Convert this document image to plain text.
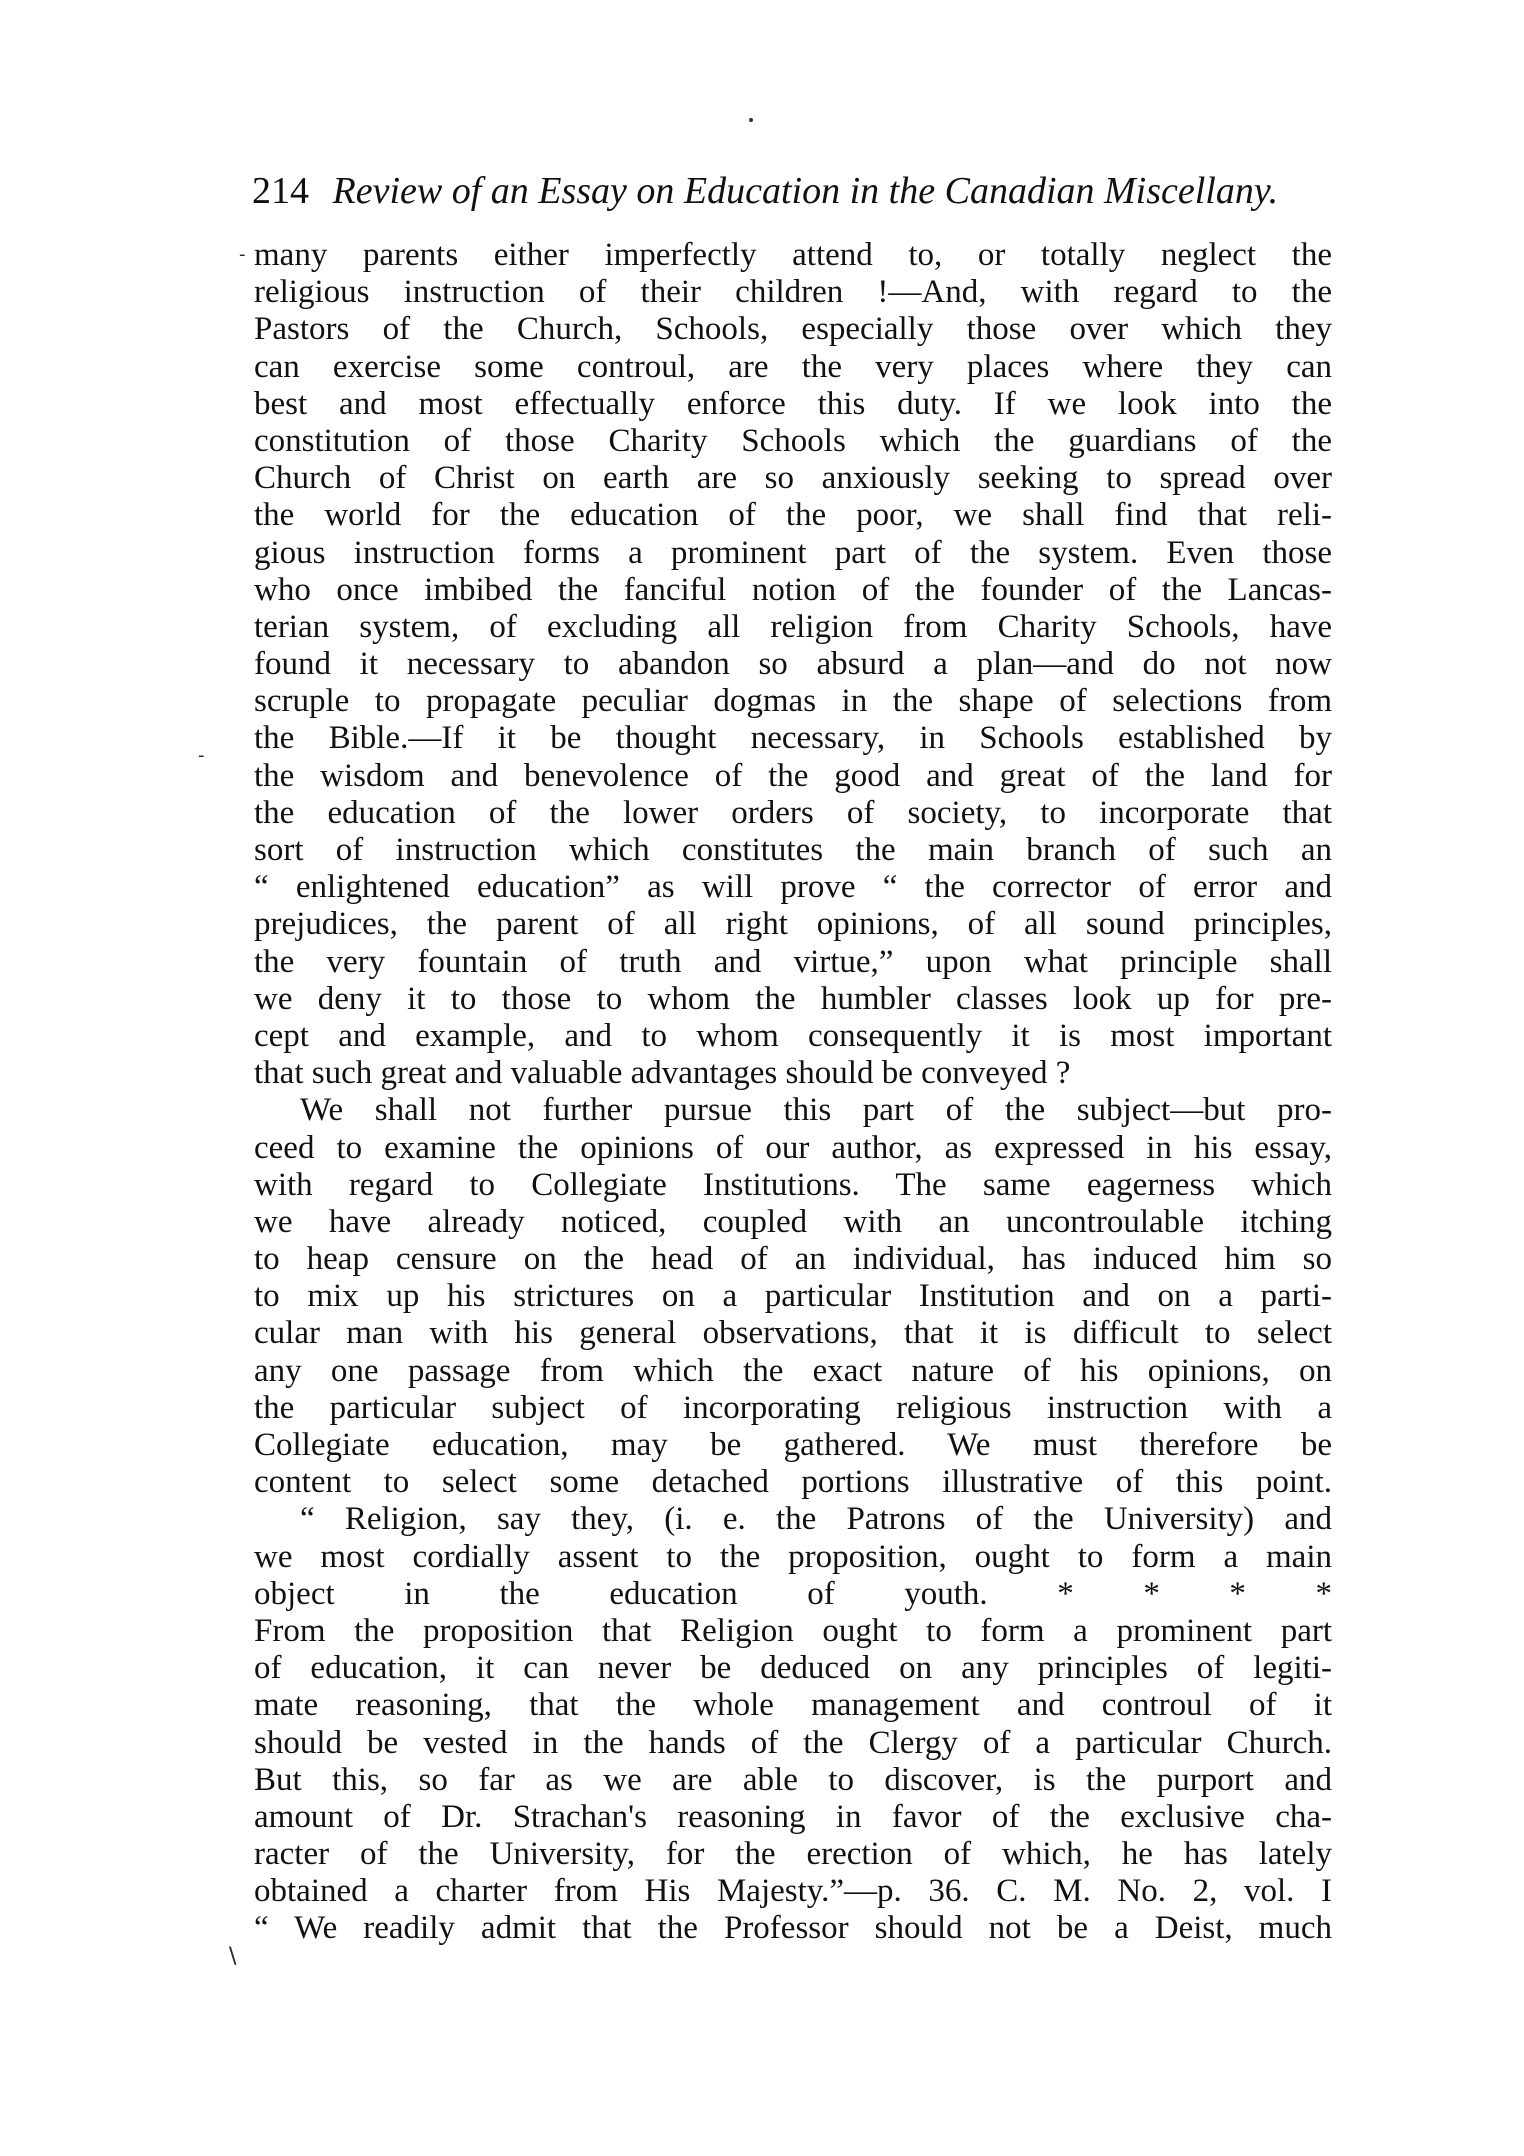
214 Review of an Essay on Education in the Canadian Miscellany.
many parents either imperfectly attend to, or totally neglect the
religious instruction of their children !—And, with regard to the
Pastors of the Church, Schools, especially those over which they
can exercise some controul, are the very places where they can
best and most effectually enforce this duty. If we look into the
constitution of those Charity Schools which the guardians of the
Church of Christ on earth are so anxiously seeking to spread over
the world for the education of the poor, we shall find that reli-
gious instruction forms a prominent part of the system. Even those
who once imbibed the fanciful notion of the founder of the Lancas-
terian system, of excluding all religion from Charity Schools, have
found it necessary to abandon so absurd a plan—and do not now
scruple to propagate peculiar dogmas in the shape of selections from
the Bible.—If it be thought necessary, in Schools established by
the wisdom and benevolence of the good and great of the land for
the education of the lower orders of society, to incorporate that
sort of instruction which constitutes the main branch of such an
“ enlightened education” as will prove “ the corrector of error and
prejudices, the parent of all right opinions, of all sound principles,
the very fountain of truth and virtue,” upon what principle shall
we deny it to those to whom the humbler classes look up for pre-
cept and example, and to whom consequently it is most important
that such great and valuable advantages should be conveyed ?
We shall not further pursue this part of the subject—but pro-
ceed to examine the opinions of our author, as expressed in his essay,
with regard to Collegiate Institutions. The same eagerness which
we have already noticed, coupled with an uncontroulable itching
to heap censure on the head of an individual, has induced him so
to mix up his strictures on a particular Institution and on a parti-
cular man with his general observations, that it is difficult to select
any one passage from which the exact nature of his opinions, on
the particular subject of incorporating religious instruction with a
Collegiate education, may be gathered. We must therefore be
content to select some detached portions illustrative of this point.
“ Religion, say they, (i. e. the Patrons of the University) and
we most cordially assent to the proposition, ought to form a main
object in the education of youth. * * * *
From the proposition that Religion ought to form a prominent part
of education, it can never be deduced on any principles of legiti-
mate reasoning, that the whole management and controul of it
should be vested in the hands of the Clergy of a particular Church.
But this, so far as we are able to discover, is the purport and
amount of Dr. Strachan's reasoning in favor of the exclusive cha-
racter of the University, for the erection of which, he has lately
obtained a charter from His Majesty.”—p. 36. C. M. No. 2, vol. I
“ We readily admit that the Professor should not be a Deist, much
-
-
\
